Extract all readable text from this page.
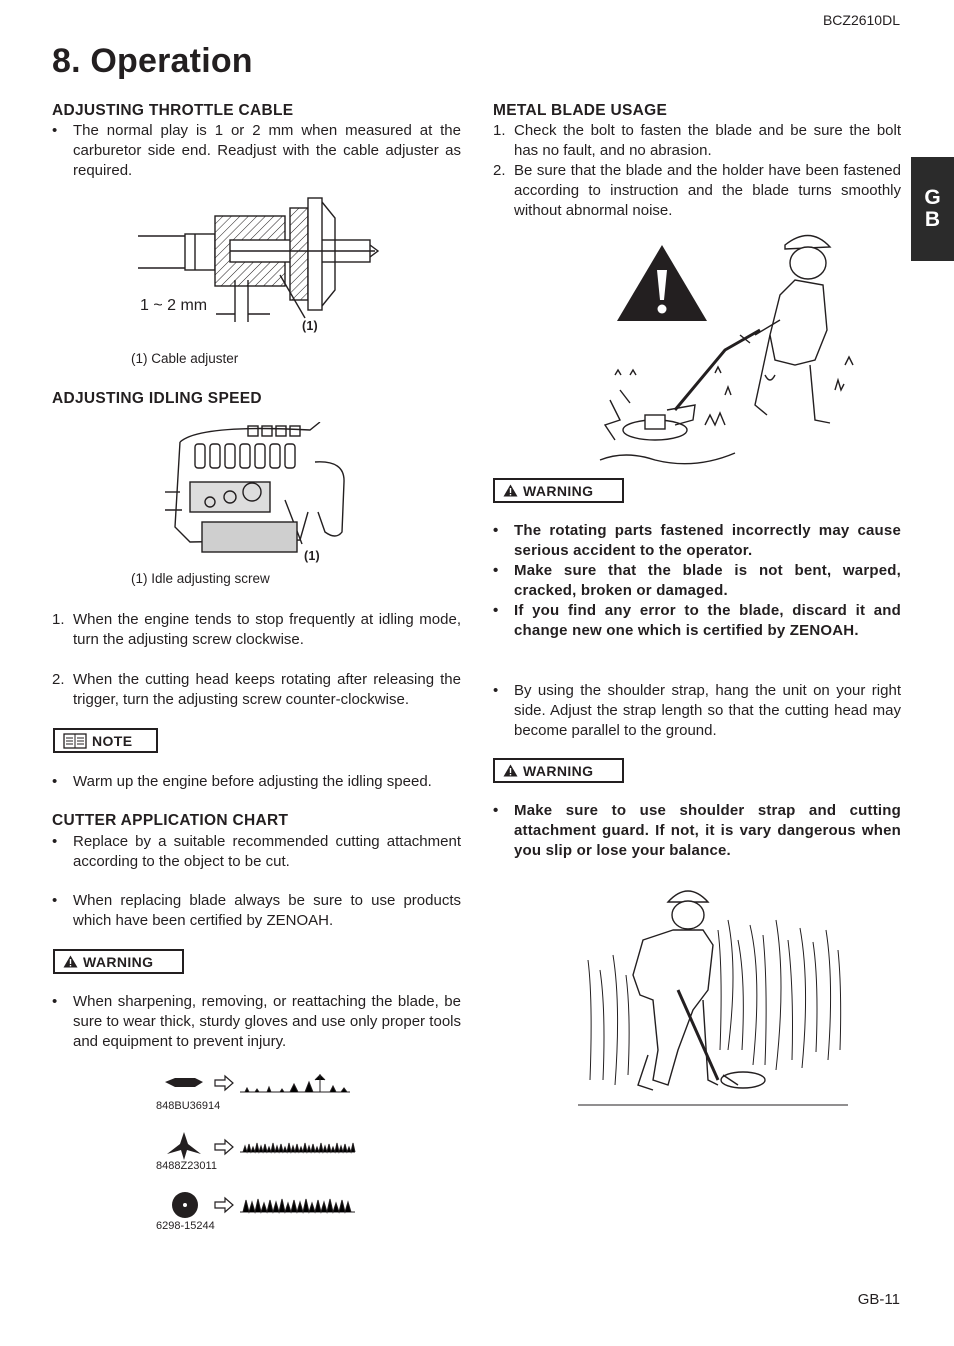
BCZ2610DL
8. Operation
G
B
ADJUSTING THROTTLE CABLE
•	The normal play is 1 or 2 mm when measured at the carburetor side end. Readjust with the cable adjuster as required.
1 ~ 2 mm
(1)
(1) Cable adjuster
ADJUSTING IDLING SPEED
(1)
(1) Idle adjusting screw
1. When the engine tends to stop frequently at idling mode, turn the adjusting screw clockwise.
2. When the cutting head keeps rotating after releasing the trigger, turn the adjusting screw counter-clockwise.
NOTE
•	Warm up the engine before adjusting the idling speed.
CUTTER APPLICATION CHART
•	Replace by a suitable recommended cutting attachment according to the object to be cut.
•	When replacing blade always be sure to use products which have been certified by ZENOAH.
WARNING
•	When sharpening, removing, or reattaching the blade, be sure to wear thick, sturdy gloves and use only proper tools and equipment to prevent injury.
848BU36914
8488Z23011
6298-15244
METAL BLADE USAGE
1. Check the bolt to fasten the blade and be sure the bolt has no fault, and no abrasion.
2. Be sure that the blade and the holder have been fastened according to instruction and the blade turns smoothly without abnormal noise.
WARNING
•	The rotating parts fastened incorrectly may cause serious accident to the operator.
•	Make sure that the blade is not bent, warped, cracked, broken or damaged.
•	If you find any error to the blade, discard it and change new one which is certified by ZENOAH.
•	By using the shoulder strap, hang the unit on your right side. Adjust the strap length so that the cutting head may become parallel to the ground.
WARNING
•	Make sure to use shoulder strap and cutting attachment guard. If not, it is vary dangerous when you slip or lose your balance.
GB-11
